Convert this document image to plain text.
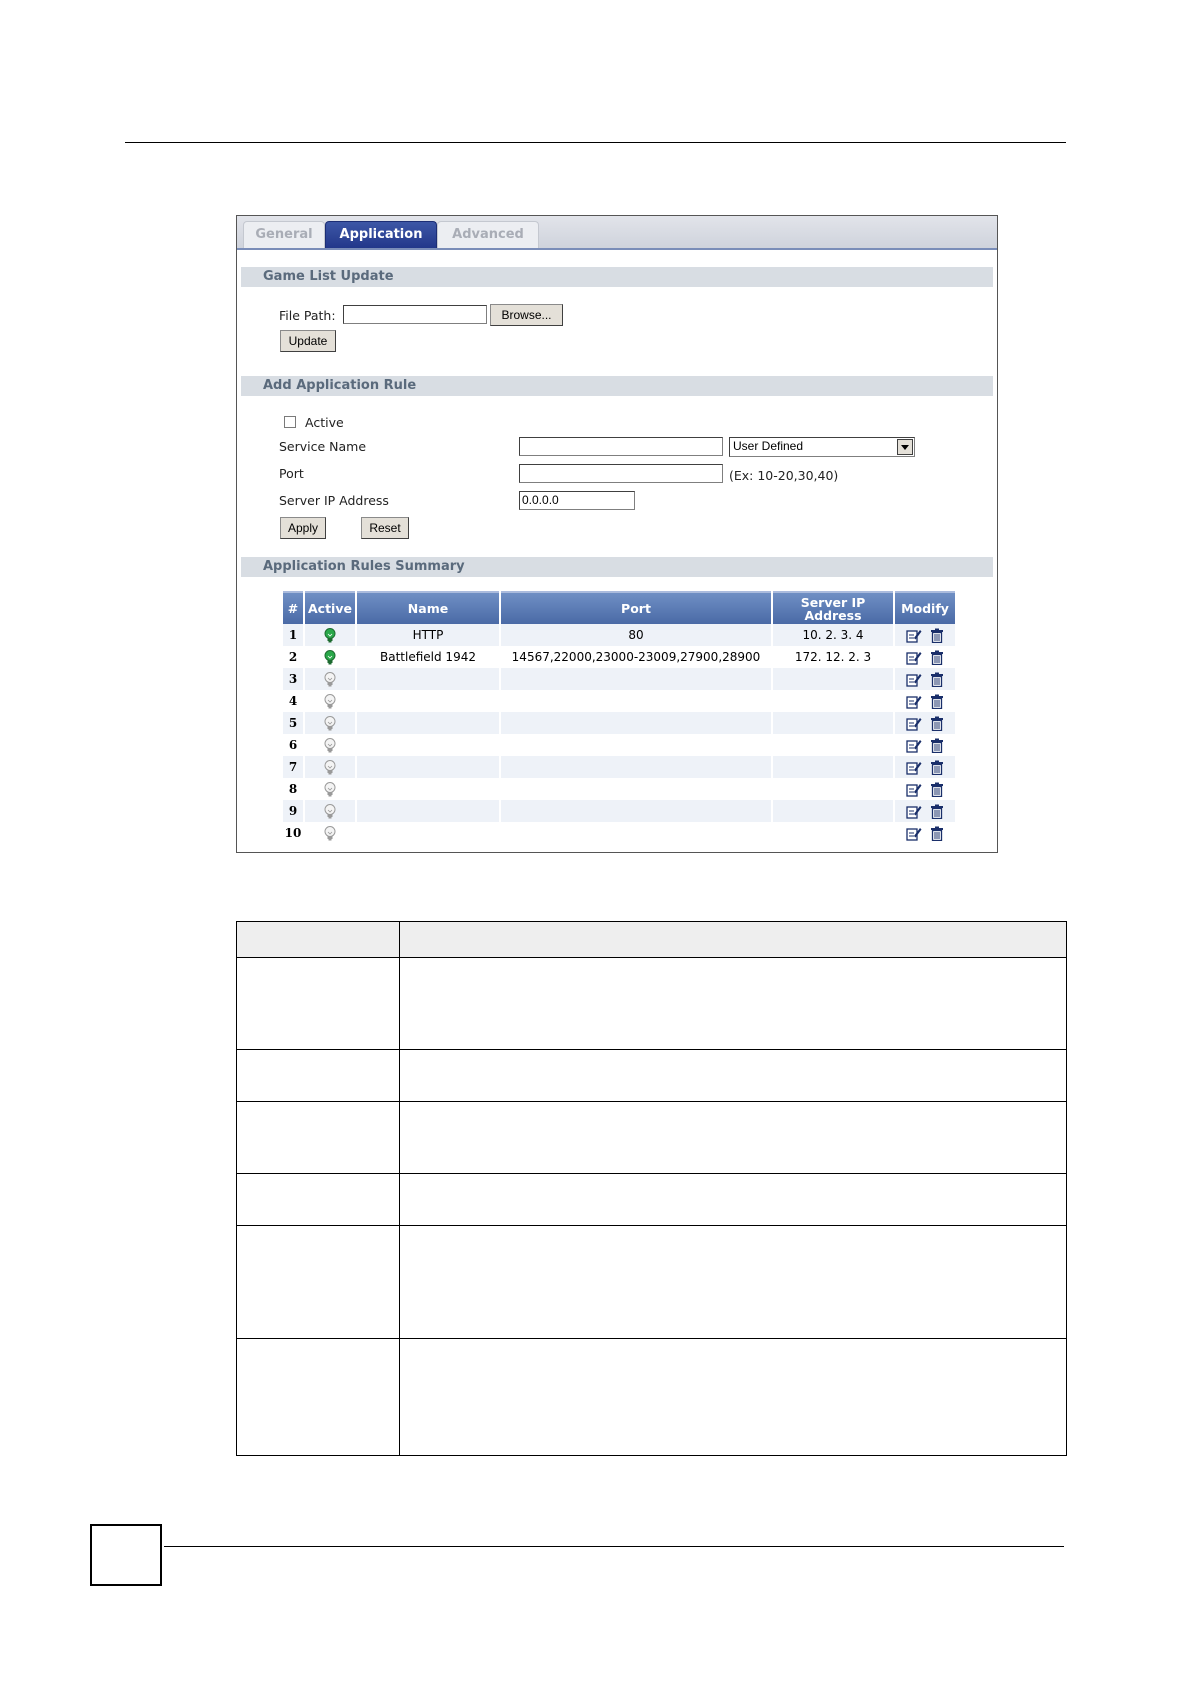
General	Application	Advanced
Game List Update
File Path:	Browse...
Update
Add Application Rule
Active
Service Name	User Defined
Port	(Ex: 10-20,30,40)
Server IP Address	0.0.0.0
Apply	Reset
Application Rules Summary
#	Active	Name	Port	Server IP Address	Modify
1		HTTP	80	10. 2. 3. 4	
2		Battlefield 1942	14567,22000,23000-23009,27900,28900	172. 12. 2. 3	
3					
4					
5					
6					
7					
8					
9					
10					
